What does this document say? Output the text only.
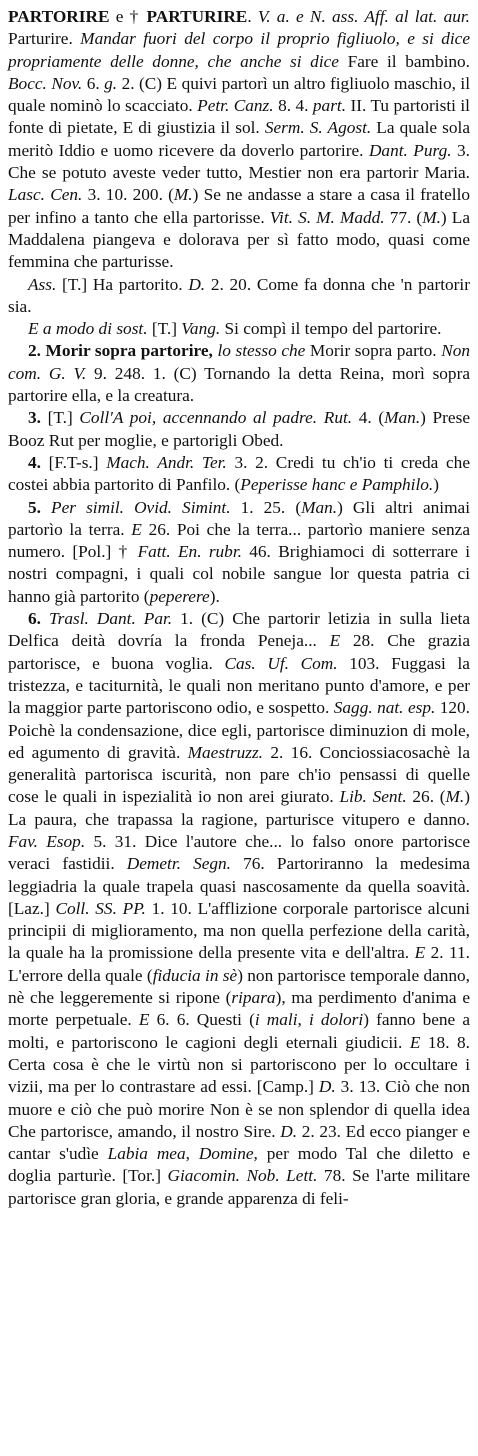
PARTORIRE e † PARTURIRE. V. a. e N. ass. Aff. al lat. aur. Parturire. Mandar fuori del corpo il proprio figliuolo, e si dice propriamente delle donne, che anche si dice Fare il bambino. Bocc. Nov. 6. g. 2. (C) E quivi partorì un altro figliuolo maschio, il quale nominò lo scacciato. Petr. Canz. 8. 4. part. II. Tu partoristi il fonte di pietate, E di giustizia il sol. Serm. S. Agost. La quale sola meritò Iddio e uomo ricevere da doverlo partorire. Dant. Purg. 3. Che se potuto aveste veder tutto, Mestier non era partorir Maria. Lasc. Cen. 3. 10. 200. (M.) Se ne andasse a stare a casa il fratello per infino a tanto che ella partorisse. Vit. S. M. Madd. 77. (M.) La Maddalena piangeva e dolorava per sì fatto modo, quasi come femmina che parturisse.

Ass. [T.] Ha partorito. D. 2. 20. Come fa donna che 'n partorir sia.

E a modo di sost. [T.] Vang. Si compì il tempo del partorire.

2. Morir sopra partorire, lo stesso che Morir sopra parto. Non com. G. V. 9. 248. 1. (C) Tornando la detta Reina, morì sopra partorire ella, e la creatura.

3. [T.] Coll'A poi, accennando al padre. Rut. 4. (Man.) Prese Booz Rut per moglie, e partorigli Obed.

4. [F.T-s.] Mach. Andr. Ter. 3. 2. Credi tu ch'io ti creda che costei abbia partorito di Panfilo. (Peperisse hanc e Pamphilo.)

5. Per simil. Ovid. Simint. 1. 25. (Man.) Gli altri animai partorìo la terra. E 26. Poi che la terra... partorìo maniere senza numero. [Pol.] † Fatt. En. rubr. 46. Brighiamoci di sotterrare i nostri compagni, i quali col nobile sangue lor questa patria ci hanno già partorito (peperere).

6. Trasl. Dant. Par. 1. (C) Che partorir letizia in sulla lieta Delfica deità dovría la fronda Peneja... E 28. Che grazia partorisce, e buona voglia. Cas. Uf. Com. 103. Fuggasi la tristezza, e taciturnità, le quali non meritano punto d'amore, e per la maggior parte partoriscono odio, e sospetto. Sagg. nat. esp. 120. Poichè la condensazione, dice egli, partorisce diminuzion di mole, ed agumento di gravità. Maestruzz. 2. 16. Conciossiacosachè la generalità partorisca iscurità, non pare ch'io pensassi di quelle cose le quali in ispezialità io non arei giurato. Lib. Sent. 26. (M.) La paura, che trapassa la ragione, parturisce vitupero e danno. Fav. Esop. 5. 31. Dice l'autore che... lo falso onore partorisce veraci fastidii. Demetr. Segn. 76. Partoriranno la medesima leggiadria la quale trapela quasi nascosamente da quella soavità. [Laz.] Coll. SS. PP. 1. 10. L'afflizione corporale partorisce alcuni principii di miglioramento, ma non quella perfezione della carità, la quale ha la promissione della presente vita e dell'altra. E 2. 11. L'errore della quale (fiducia in sè) non partorisce temporale danno, nè che leggeremente si ripone (ripara), ma perdimento d'anima e morte perpetuale. E 6. 6. Questi (i mali, i dolori) fanno bene a molti, e partoriscono le cagioni degli eternali giudicii. E 18. 8. Certa cosa è che le virtù non si partoriscono per lo occultare i vizii, ma per lo contrastare ad essi. [Camp.] D. 3. 13. Ciò che non muore e ciò che può morire Non è se non splendor di quella idea Che partorisce, amando, il nostro Sire. D. 2. 23. Ed ecco pianger e cantar s'udìe Labia mea, Domine, per modo Tal che diletto e doglia parturìe. [Tor.] Giacomin. Nob. Lett. 78. Se l'arte militare partorisce gran gloria, e grande apparenza di feli-
